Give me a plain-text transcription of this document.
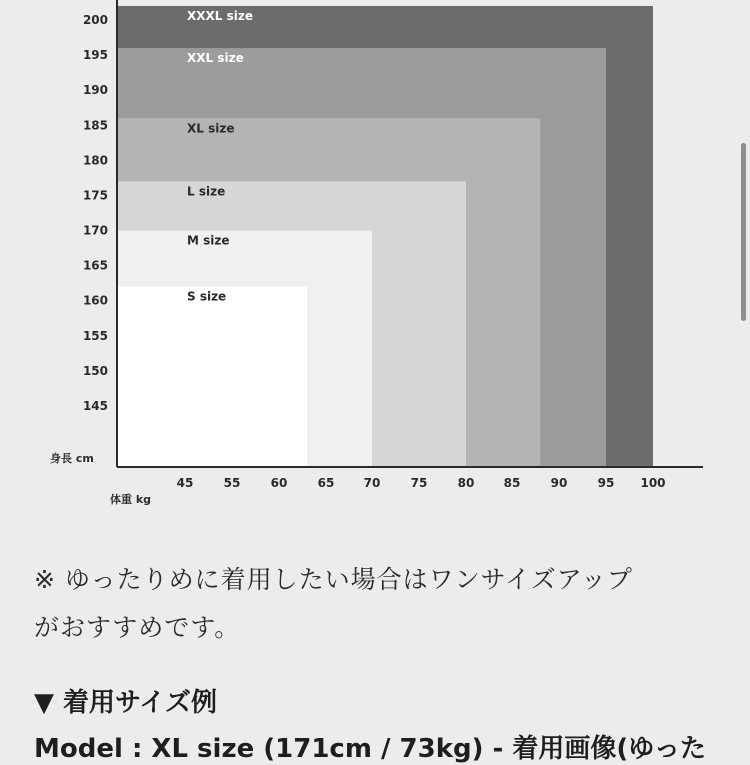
XXXL size
XXL size
XL size
L size
M size
S size
145
150
155
160
165
170
175
180
185
190
195
200
45	55	60	65 70	75	80 85	90	95 100
身長 cm
体重 kg
※ ゆったりめに着用したい場合はワンサイズアップ
がおすすめです。
▼ 着用サイズ例
Model : XL size (171cm / 73kg) - 着用画像(ゆった
